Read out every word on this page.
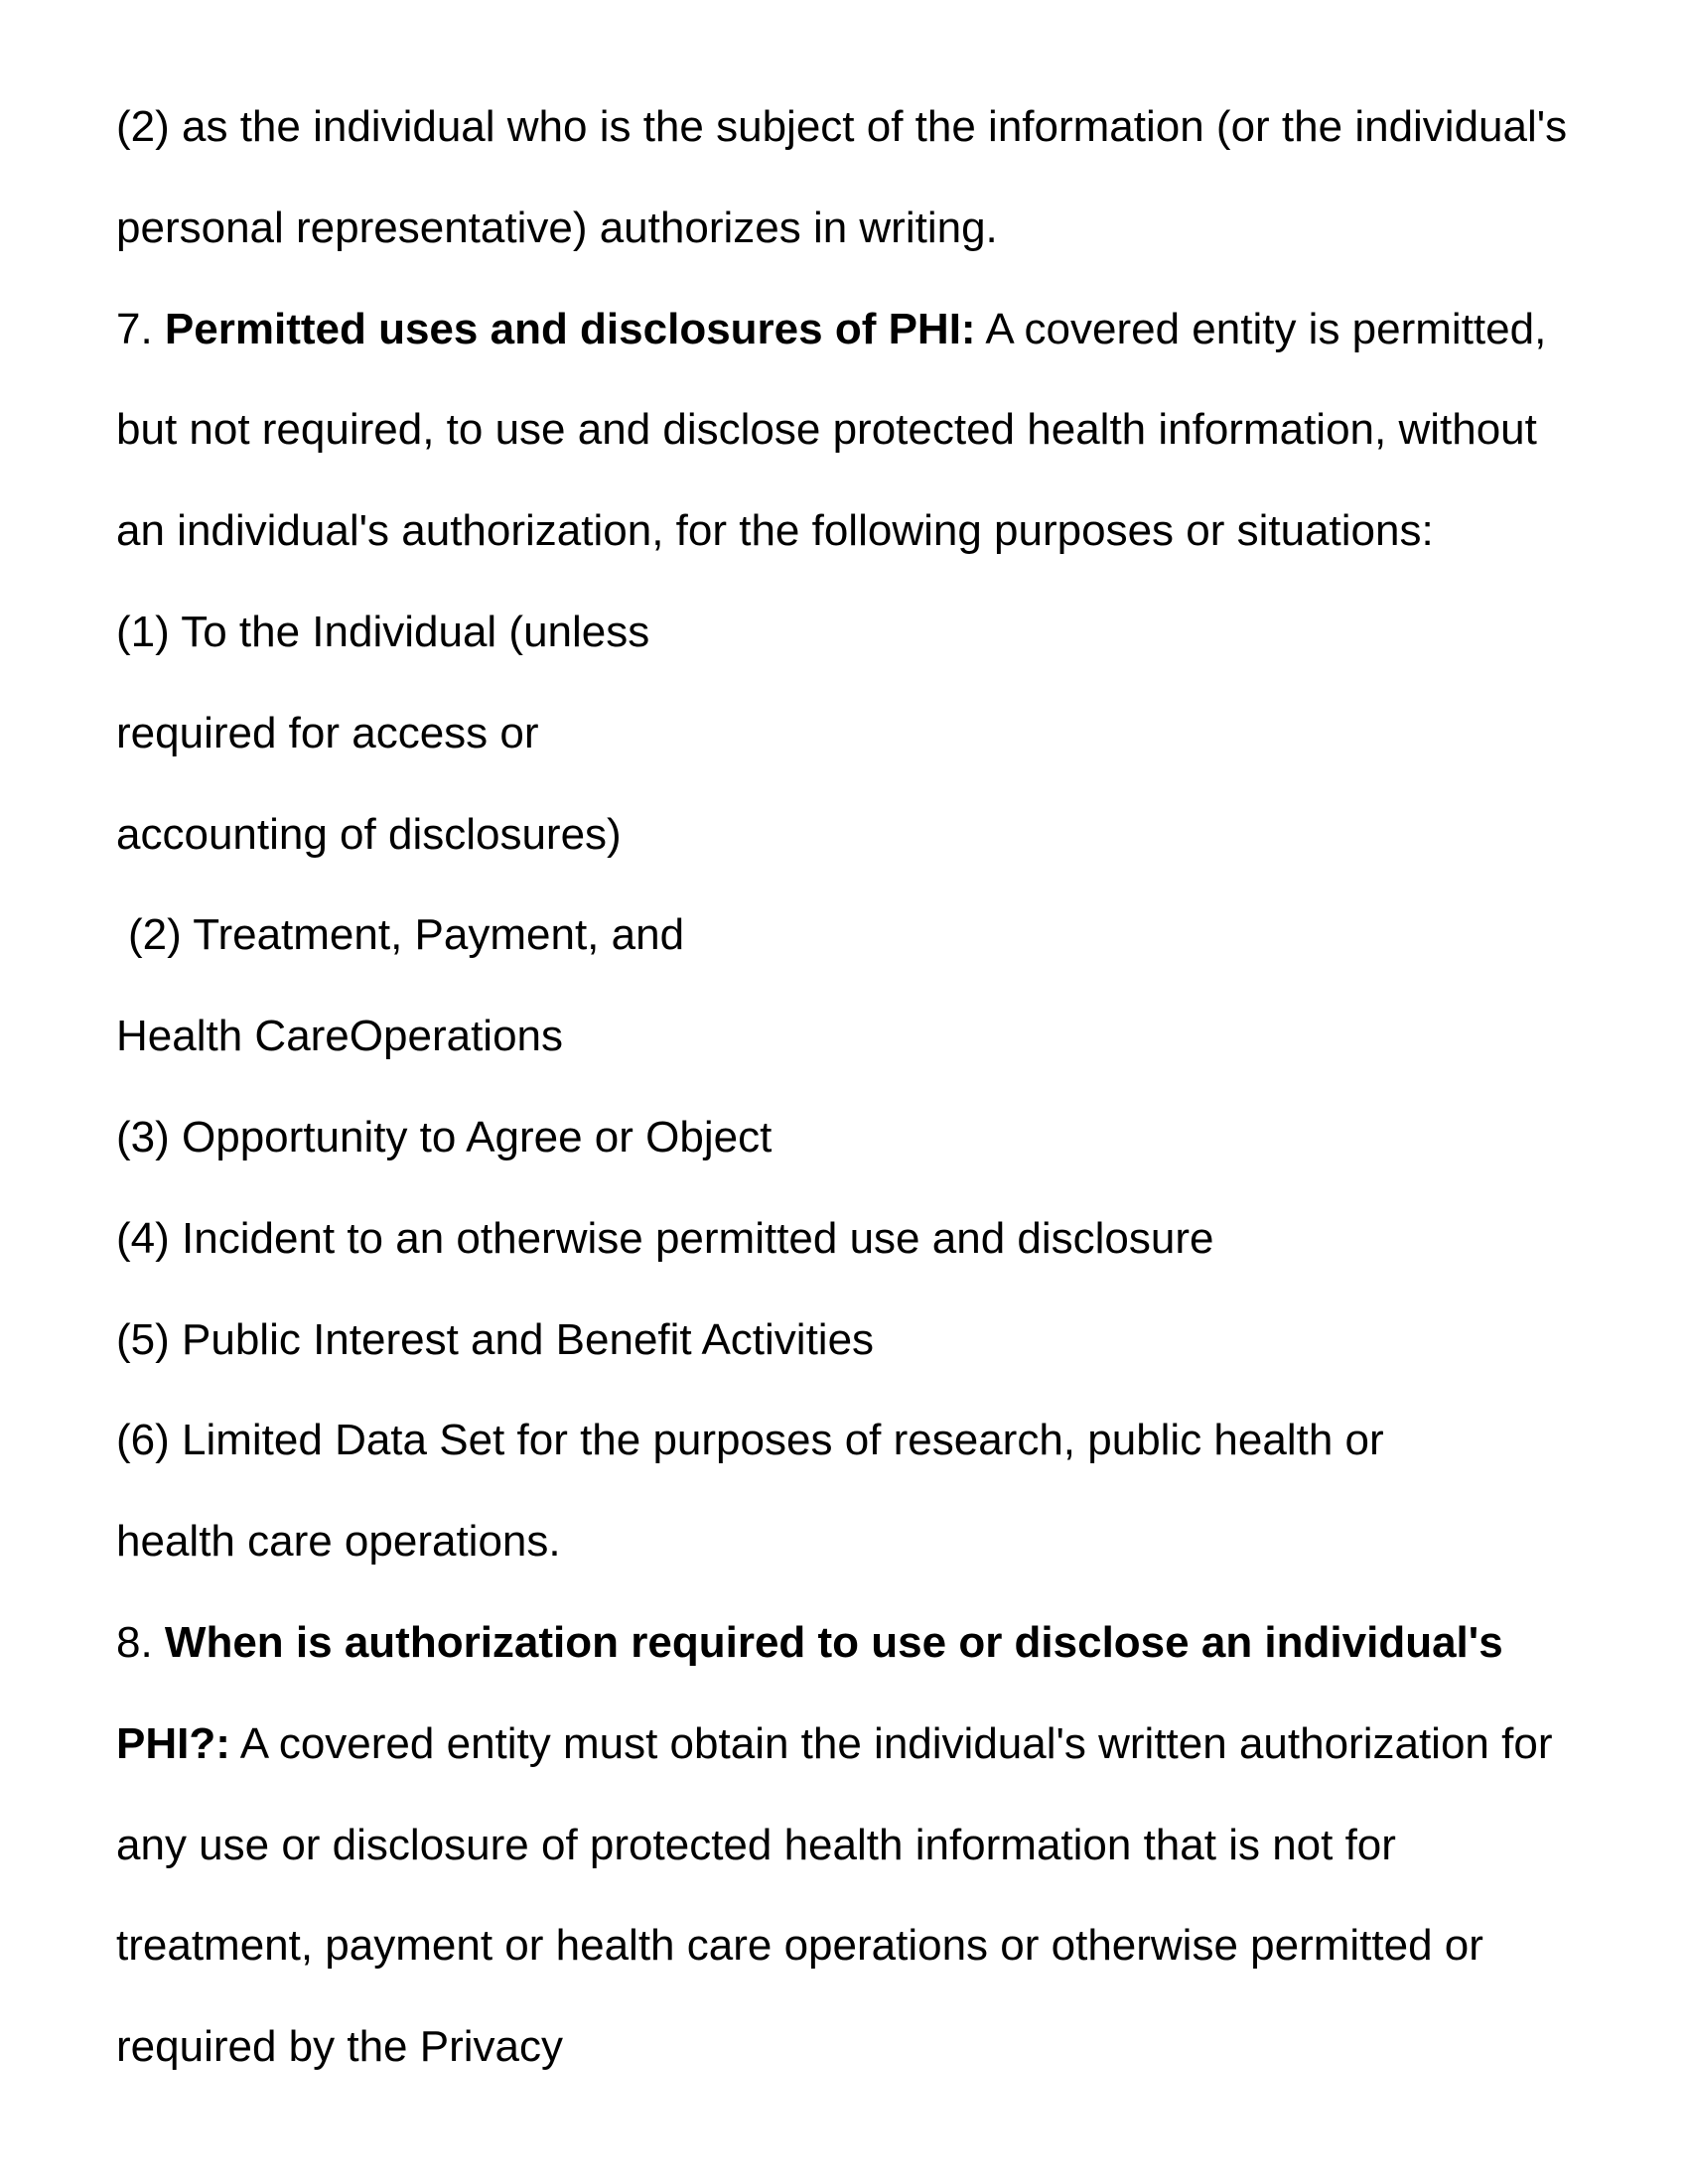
(2) as the individual who is the subject of the information (or the individual's

personal representative) authorizes in writing.

7. Permitted uses and disclosures of PHI: A covered entity is permitted,

but not required, to use and disclose protected health information, without

an individual's authorization, for the following purposes or situations:

(1) To the Individual (unless

required for access or

accounting of disclosures)

(2) Treatment, Payment, and

Health CareOperations

(3) Opportunity to Agree or Object

(4) Incident to an otherwise permitted use and disclosure

(5) Public Interest and Benefit Activities

(6) Limited Data Set for the purposes of research, public health or

health care operations.

8. When is authorization required to use or disclose an individual's

PHI?: A covered entity must obtain the individual's written authorization for

any use or disclosure of protected health information that is not for

treatment, payment or health care operations or otherwise permitted or

required by the Privacy
